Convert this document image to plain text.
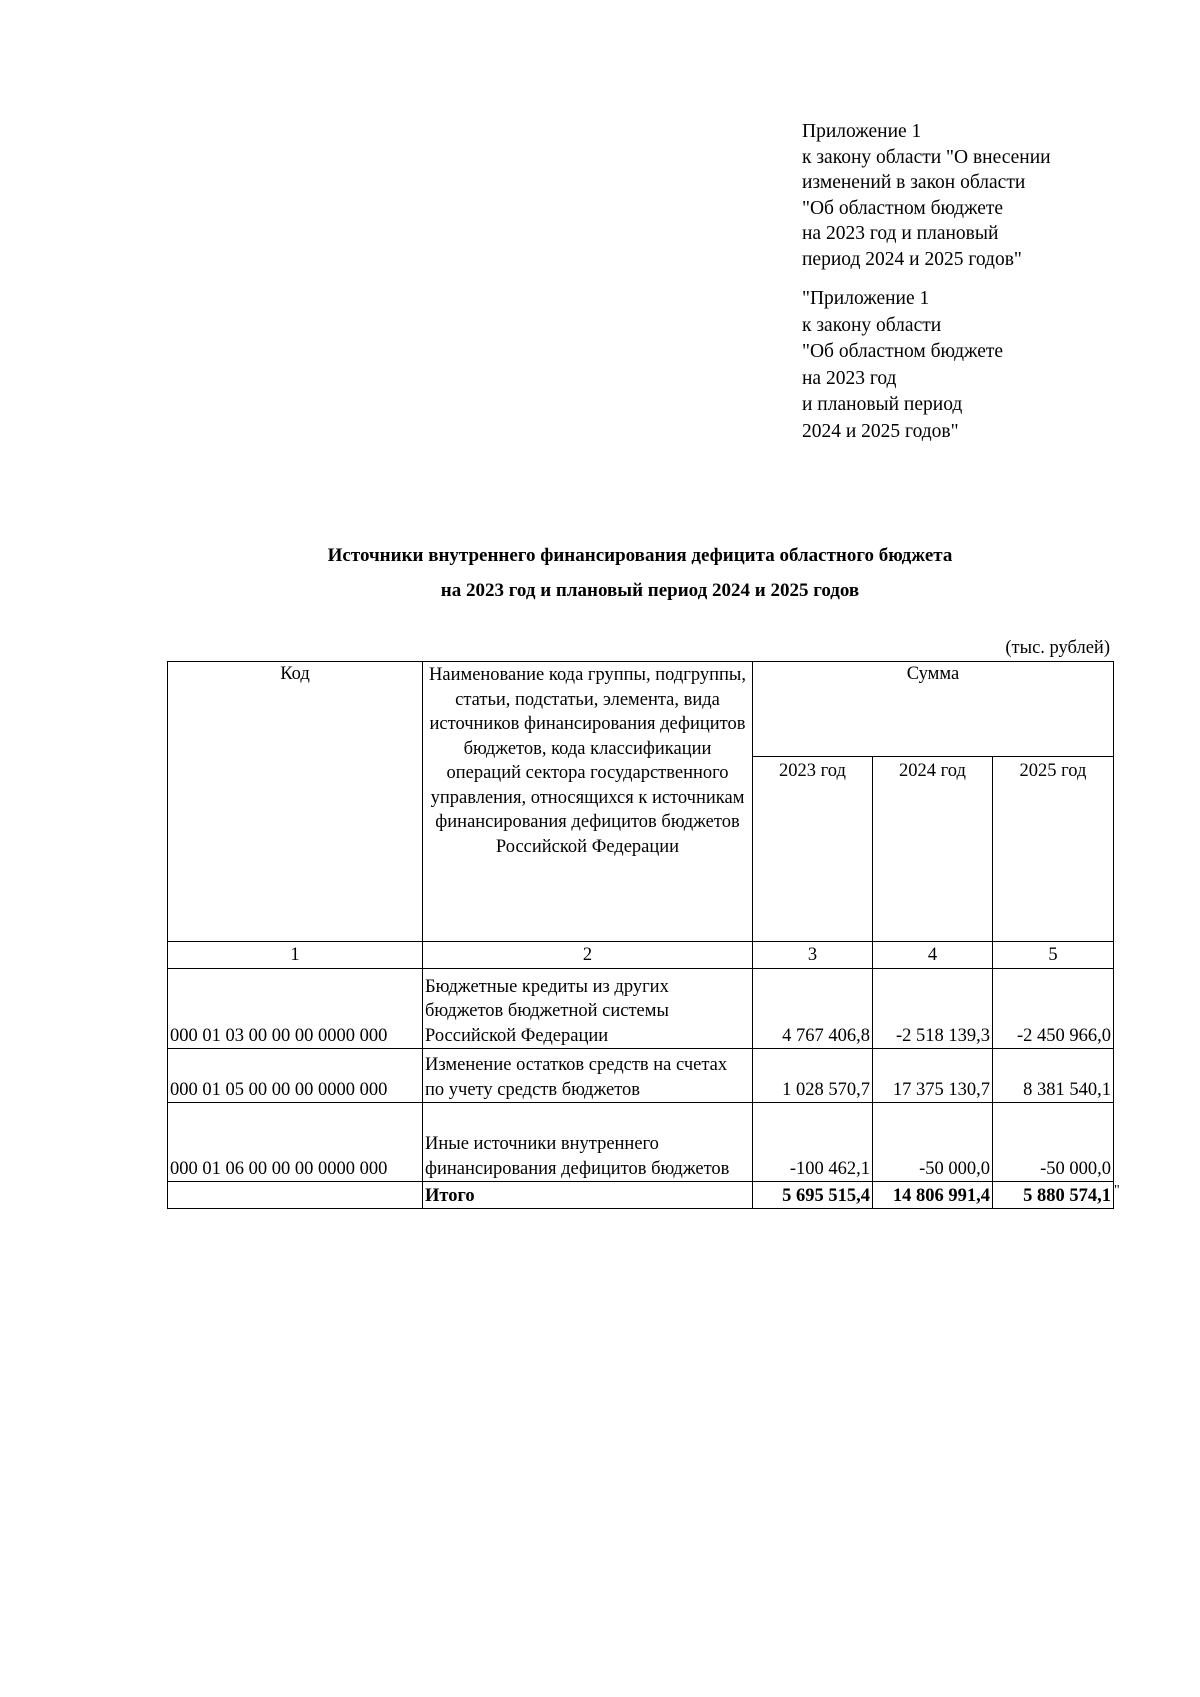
Приложение 1
к закону области "О внесении
изменений в закон области
"Об областном бюджете
на 2023 год и плановый
период 2024 и 2025 годов"
"Приложение 1
к закону области
"Об областном бюджете
на 2023 год
и плановый период
2024 и 2025 годов"
Источники внутреннего финансирования дефицита областного бюджета
на 2023 год и плановый период 2024 и 2025 годов
(тыс. рублей)
Код	Наименование кода группы, подгруппы, статьи, подстатьи, элемента, вида источников финансирования дефицитов бюджетов, кода классификации операций сектора государственного управления, относящихся к источникам финансирования дефицитов бюджетов Российской Федерации	Сумма		
		2023 год	2024 год	2025 год
1	2	3	4	5
000 01 03 00 00 00 0000 000	Бюджетные кредиты из других бюджетов бюджетной системы Российской Федерации	4 767 406,8	-2 518 139,3	-2 450 966,0
000 01 05 00 00 00 0000 000	Изменение остатков средств на счетах по учету средств бюджетов	1 028 570,7	17 375 130,7	8 381 540,1
000 01 06 00 00 00 0000 000	Иные источники внутреннего финансирования дефицитов бюджетов	-100 462,1	-50 000,0	-50 000,0
	Итого	5 695 515,4	14 806 991,4	5 880 574,1 "
